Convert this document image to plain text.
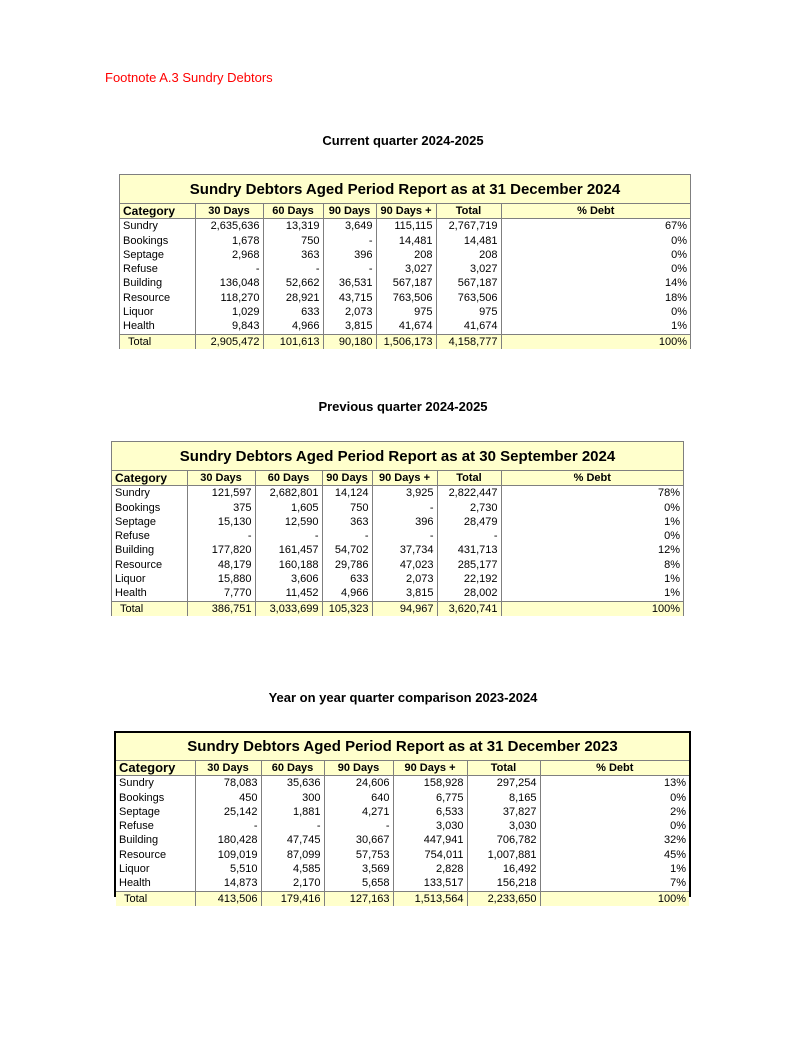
Footnote A.3 Sundry Debtors
Current quarter 2024-2025
Sundry Debtors Aged Period Report as at 31 December 2024
Category	30 Days	60 Days	90 Days	90 Days +	Total	% Debt
Sundry	2,635,636	13,319	3,649	115,115	2,767,719	67%
Bookings	1,678	750	-	14,481	14,481	0%
Septage	2,968	363	396	208	208	0%
Refuse	-	-	-	3,027	3,027	0%
Building	136,048	52,662	36,531	567,187	567,187	14%
Resource	118,270	28,921	43,715	763,506	763,506	18%
Liquor	1,029	633	2,073	975	975	0%
Health	9,843	4,966	3,815	41,674	41,674	1%
Total	2,905,472	101,613	90,180	1,506,173	4,158,777	100%
Previous quarter 2024-2025
Sundry Debtors Aged Period Report as at 30 September 2024
Category	30 Days	60 Days	90 Days	90 Days +	Total	% Debt
Sundry	121,597	2,682,801	14,124	3,925	2,822,447	78%
Bookings	375	1,605	750	-	2,730	0%
Septage	15,130	12,590	363	396	28,479	1%
Refuse	-	-	-	-	-	0%
Building	177,820	161,457	54,702	37,734	431,713	12%
Resource	48,179	160,188	29,786	47,023	285,177	8%
Liquor	15,880	3,606	633	2,073	22,192	1%
Health	7,770	11,452	4,966	3,815	28,002	1%
Total	386,751	3,033,699	105,323	94,967	3,620,741	100%
Year on year quarter comparison 2023-2024
Sundry Debtors Aged Period Report as at 31 December 2023
Category	30 Days	60 Days	90 Days	90 Days +	Total	% Debt
Sundry	78,083	35,636	24,606	158,928	297,254	13%
Bookings	450	300	640	6,775	8,165	0%
Septage	25,142	1,881	4,271	6,533	37,827	2%
Refuse	-	-	-	3,030	3,030	0%
Building	180,428	47,745	30,667	447,941	706,782	32%
Resource	109,019	87,099	57,753	754,011	1,007,881	45%
Liquor	5,510	4,585	3,569	2,828	16,492	1%
Health	14,873	2,170	5,658	133,517	156,218	7%
Total	413,506	179,416	127,163	1,513,564	2,233,650	100%
